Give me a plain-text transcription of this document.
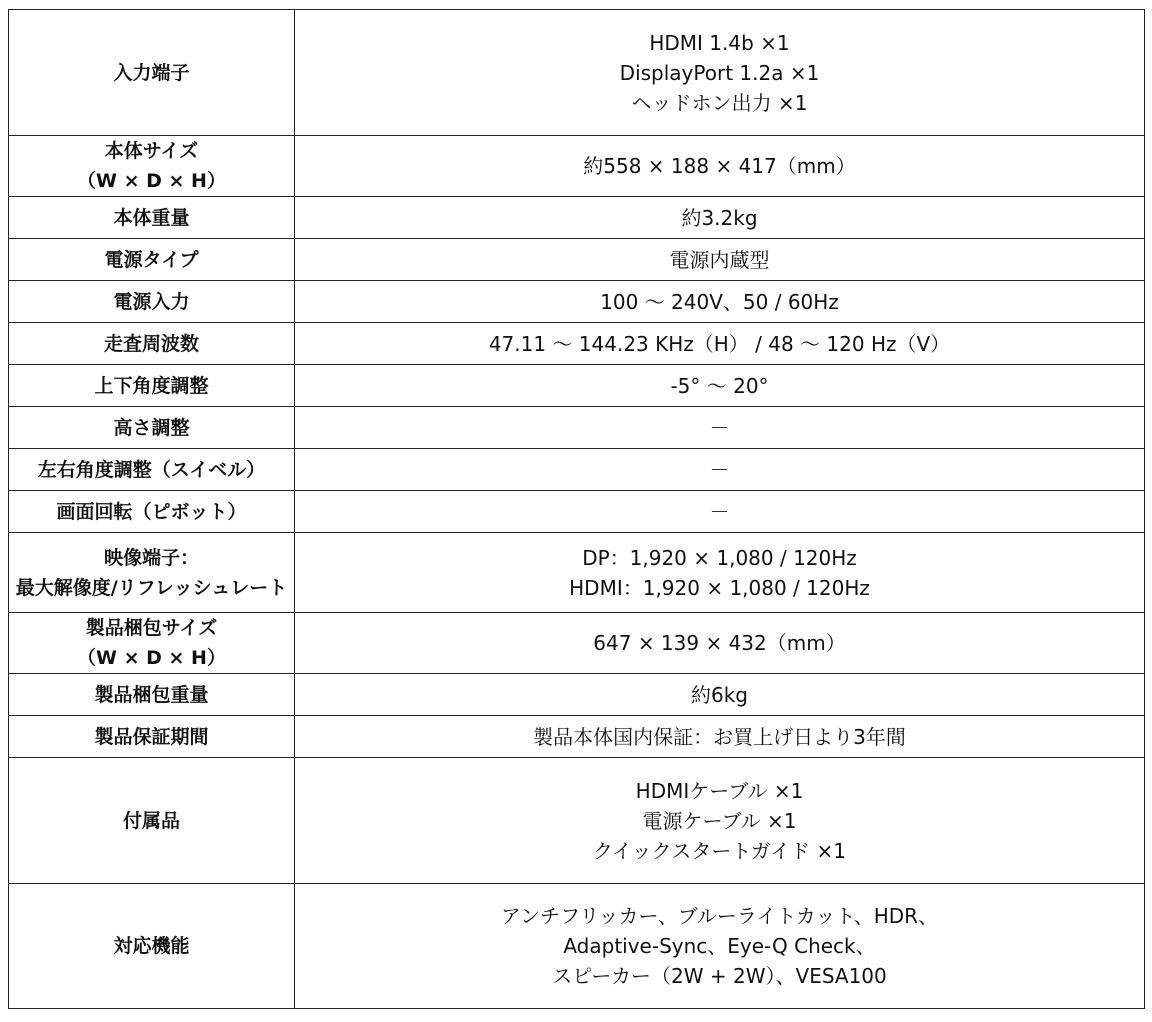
入力端子	HDMI 1.4b ×1
DisplayPort 1.2a ×1
ヘッドホン出力 ×1

本体サイズ
（W × D × H）	約558 × 188 × 417（mm）

本体重量	約3.2kg

電源タイプ	電源内蔵型

電源入力	100 ～ 240V、50 / 60Hz

走査周波数	47.11 ～ 144.23 KHz（H） / 48 ～ 120 Hz（V）

上下角度調整	-5° ～ 20°

高さ調整	－

左右角度調整（スイベル）	－

画面回転（ピボット）	－

映像端子：
最大解像度/リフレッシュレート	DP：1,920 × 1,080 / 120Hz
HDMI：1,920 × 1,080 / 120Hz

製品梱包サイズ
（W × D × H）	647 × 139 × 432（mm）

製品梱包重量	約6kg

製品保証期間	製品本体国内保証：お買上げ日より3年間

付属品	HDMIケーブル ×1
電源ケーブル ×1
クイックスタートガイド ×1

対応機能	アンチフリッカー、ブルーライトカット、HDR、
Adaptive-Sync、Eye-Q Check、
スピーカー（2W + 2W）、VESA100
